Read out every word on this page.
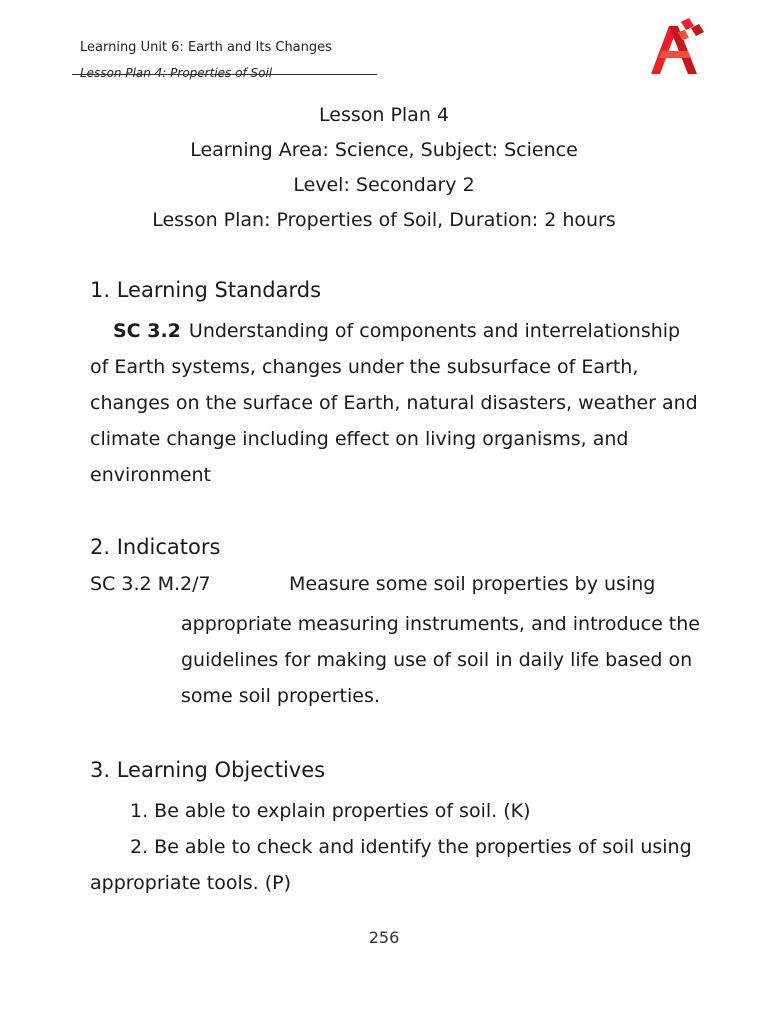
Learning Unit 6: Earth and Its Changes
Lesson Plan 4: Properties of Soil
Lesson Plan 4
Learning Area: Science, Subject: Science
Level: Secondary 2
Lesson Plan: Properties of Soil, Duration: 2 hours
1. Learning Standards
SC 3.2 Understanding of components and interrelationship
of Earth systems, changes under the subsurface of Earth,
changes on the surface of Earth, natural disasters, weather and
climate change including effect on living organisms, and
environment
2. Indicators
SC 3.2 M.2/7	Measure some soil properties by using
appropriate measuring instruments, and introduce the
guidelines for making use of soil in daily life based on
some soil properties.
3. Learning Objectives
1. Be able to explain properties of soil. (K)
2. Be able to check and identify the properties of soil using
appropriate tools. (P)
256
